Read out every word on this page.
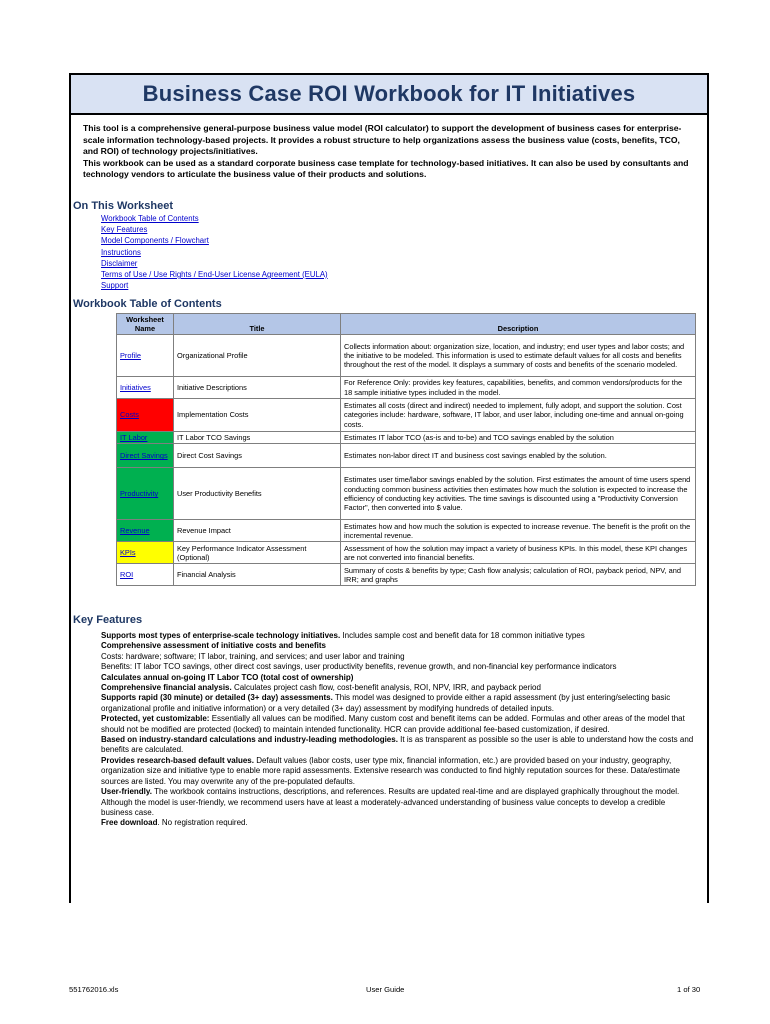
Business Case ROI Workbook for IT Initiatives

This tool is a comprehensive general-purpose business value model (ROI calculator) to support the development of business cases for enterprise-scale information technology-based projects. It provides a robust structure to help organizations assess the business value (costs, benefits, TCO, and ROI) of technology projects/initiatives.

This workbook can be used as a standard corporate business case template for technology-based initiatives. It can also be used by consultants and technology vendors to articulate the business value of their products and solutions.

On This Worksheet
Workbook Table of Contents
Key Features
Model Components / Flowchart
Instructions
Disclaimer
Terms of Use / Use Rights / End-User License Agreement (EULA)
Support
Workbook Table of Contents
Worksheet Name	Title	Description
Profile	Organizational Profile	Collects information about: organization size, location, and industry; end user types and labor costs; and the initiative to be modeled. This information is used to estimate default values for all costs and benefits throughout the rest of the model. It displays a summary of costs and benefits of the scenario modeled.
Initiatives	Initiative Descriptions	For Reference Only: provides key features, capabilities, benefits, and common vendors/products for the 18 sample initiative types included in the model.
Costs	Implementation Costs	Estimates all costs (direct and indirect) needed to implement, fully adopt, and support the solution. Cost categories include: hardware, software, IT labor, and user labor, including one-time and annual on-going costs.
IT Labor	IT Labor TCO Savings	Estimates IT labor TCO (as-is and to-be) and TCO savings enabled by the solution
Direct Savings	Direct Cost Savings	Estimates non-labor direct IT and business cost savings enabled by the solution.
Productivity	User Productivity Benefits	Estimates user time/labor savings enabled by the solution. First estimates the amount of time users spend conducting common business activities then estimates how much the solution is expected to increase the efficiency of conducting key activities. The time savings is discounted using a "Productivity Conversion Factor", then converted into $ value.
Revenue	Revenue Impact	Estimates how and how much the solution is expected to increase revenue. The benefit is the profit on the incremental revenue.
KPIs	Key Performance Indicator Assessment (Optional)	Assessment of how the solution may impact a variety of business KPIs. In this model, these KPI changes are not converted into financial benefits.
ROI	Financial Analysis	Summary of costs & benefits by type; Cash flow analysis; calculation of ROI, payback period, NPV, and IRR; and graphs
Key Features

Supports most types of enterprise-scale technology initiatives. Includes sample cost and benefit data for 18 common initiative types

Comprehensive assessment of initiative costs and benefits

Costs: hardware; software; IT labor, training, and services; and user labor and training

Benefits: IT labor TCO savings, other direct cost savings, user productivity benefits, revenue growth, and non-financial key performance indicators

Calculates annual on-going IT Labor TCO (total cost of ownership)

Comprehensive financial analysis. Calculates project cash flow, cost-benefit analysis, ROI, NPV, IRR, and payback period

Supports rapid (30 minute) or detailed (3+ day) assessments. This model was designed to provide either a rapid assessment (by just entering/selecting basic organizational profile and initiative information) or a very detailed (3+ day) assessment by modifying hundreds of detailed inputs.

Protected, yet customizable: Essentially all values can be modified. Many custom cost and benefit items can be added. Formulas and other areas of the model that should not be modified are protected (locked) to maintain intended functionality. HCR can provide additional fee-based customization, if desired.

Based on industry-standard calculations and industry-leading methodologies. It is as transparent as possible so the user is able to understand how the costs and benefits are calculated.

Provides research-based default values. Default values (labor costs, user type mix, financial information, etc.) are provided based on your industry, geography, organization size and initiative type to enable more rapid assessments. Extensive research was conducted to find highly reputation sources for these. Data/estimate sources are listed. You may overwrite any of the pre-populated defaults.

User-friendly. The workbook contains instructions, descriptions, and references. Results are updated real-time and are displayed graphically throughout the model. Although the model is user-friendly, we recommend users have at least a moderately-advanced understanding of business value concepts to develop a credible business case.

Free download. No registration required.

551762016.xls	User Guide	1 of 30
